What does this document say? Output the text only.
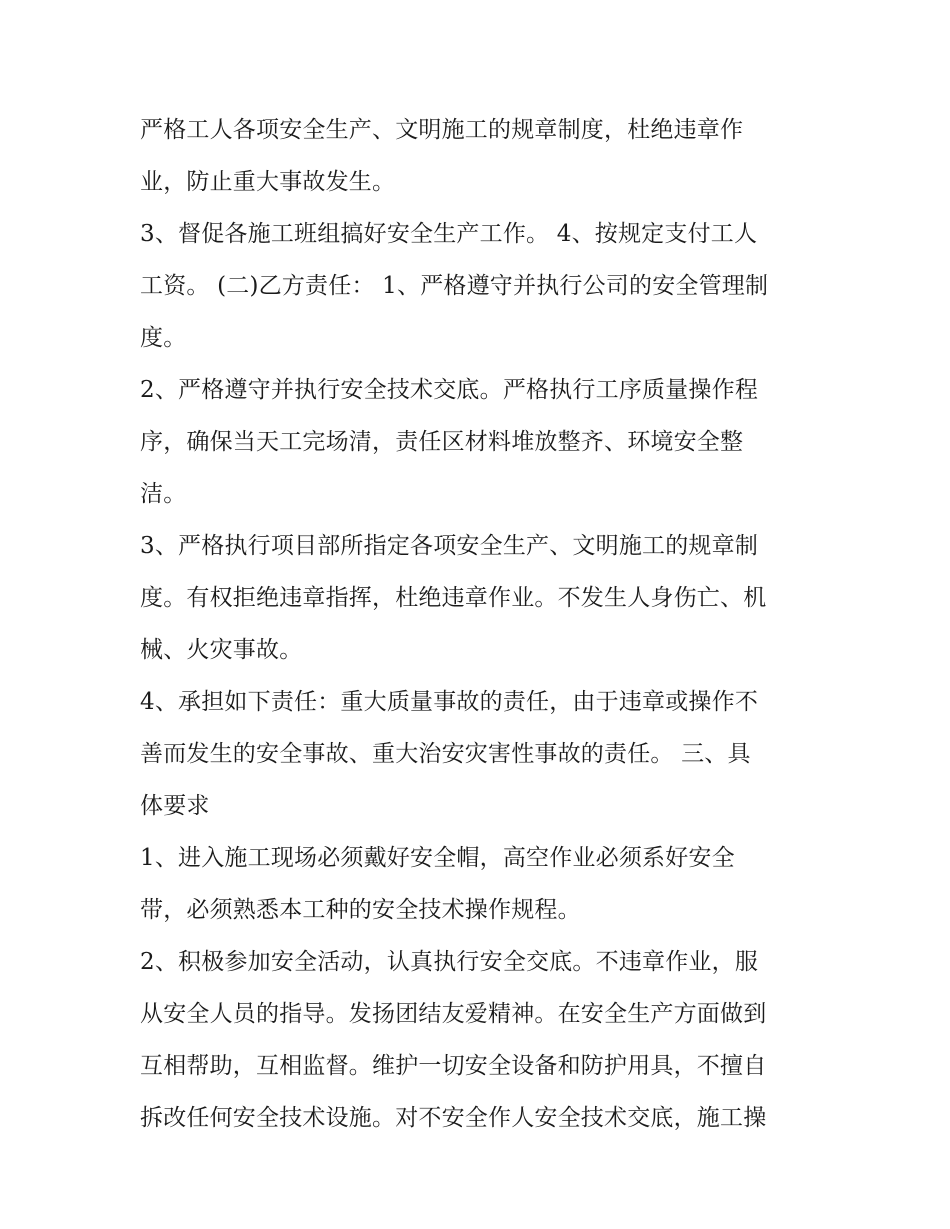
严格工人各项安全生产、文明施工的规章制度，杜绝违章作
业，防止重大事故发生。
3、督促各施工班组搞好安全生产工作。 4、按规定支付工人
工资。 (二)乙方责任： 1、严格遵守并执行公司的安全管理制
度。
2、严格遵守并执行安全技术交底。严格执行工序质量操作程
序，确保当天工完场清，责任区材料堆放整齐、环境安全整
洁。
3、严格执行项目部所指定各项安全生产、文明施工的规章制
度。有权拒绝违章指挥，杜绝违章作业。不发生人身伤亡、机
械、火灾事故。
4、承担如下责任：重大质量事故的责任，由于违章或操作不
善而发生的安全事故、重大治安灾害性事故的责任。 三、具
体要求
1、进入施工现场必须戴好安全帽，高空作业必须系好安全
带，必须熟悉本工种的安全技术操作规程。
2、积极参加安全活动，认真执行安全交底。不违章作业，服
从安全人员的指导。发扬团结友爱精神。在安全生产方面做到
互相帮助，互相监督。维护一切安全设备和防护用具，不擅自
拆改任何安全技术设施。对不安全作人安全技术交底，施工操
